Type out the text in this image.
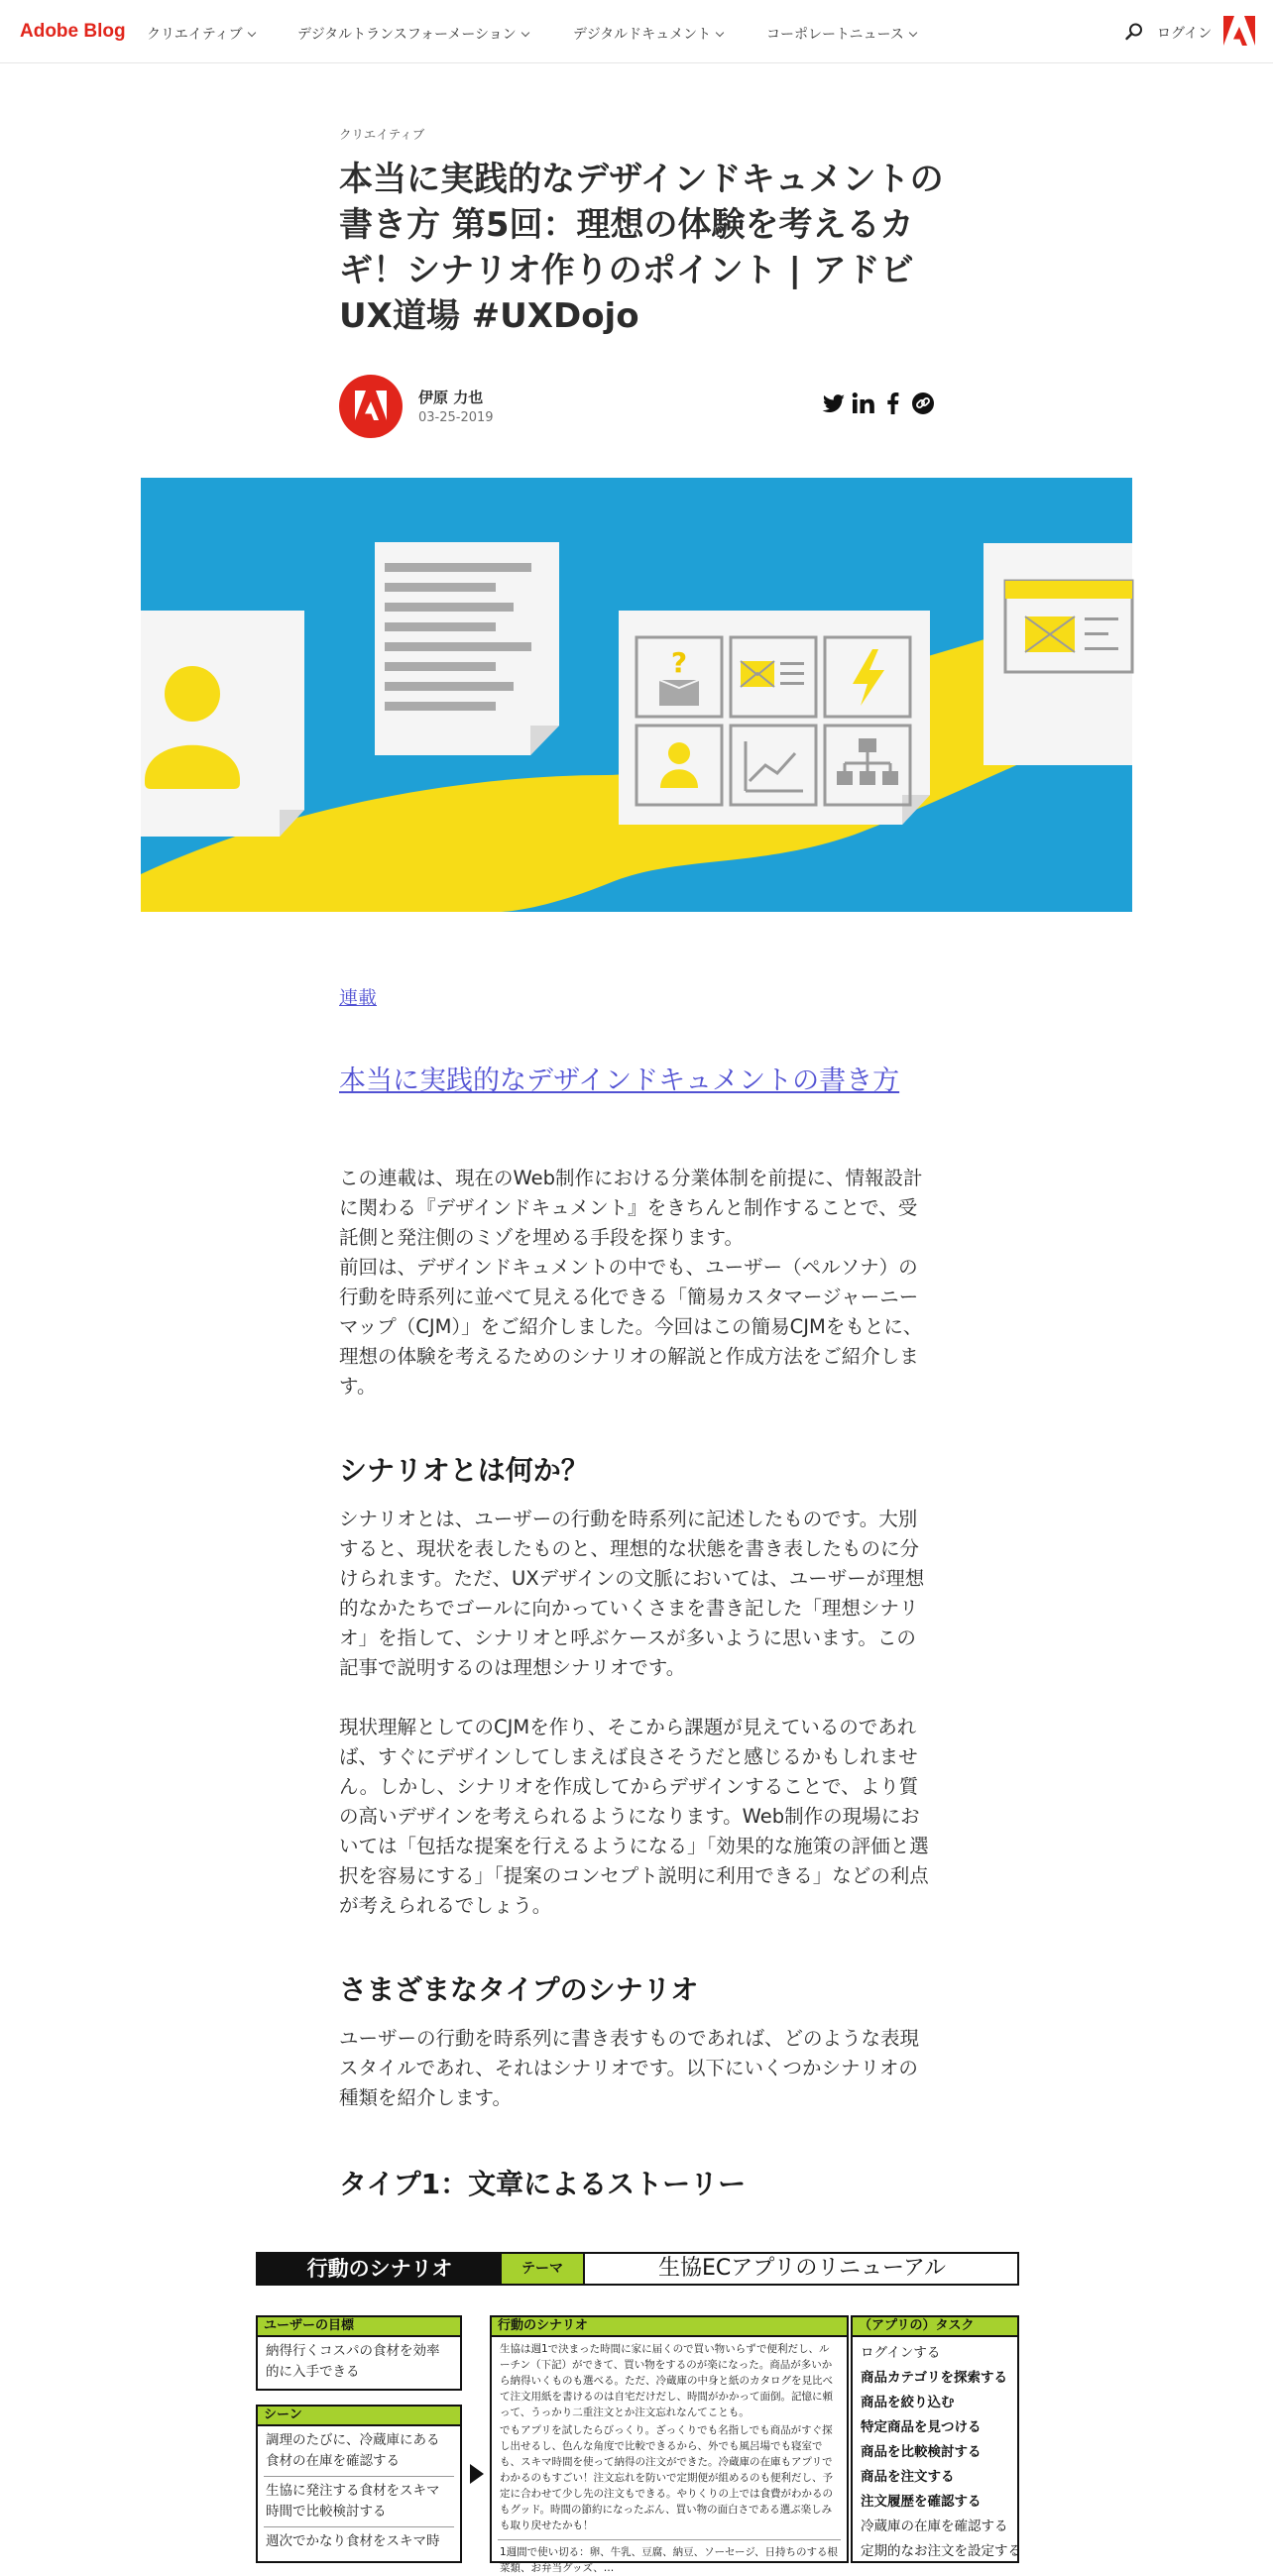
Adobe Blog クリエイティブ	デジタルトランスフォーメーション	デジタルドキュメント	コーポレートニュース	ログイン
クリエイティブ
本当に実践的なデザインドキュメントの書き方 第5回：理想の体験を考えるカギ！シナリオ作りのポイント | アドビUX道場 #UXDojo
伊原 力也
03-25-2019
?
連載
本当に実践的なデザインドキュメントの書き方

この連載は、現在のWeb制作における分業体制を前提に、情報設計に関わる『デザインドキュメント』をきちんと制作することで、受託側と発注側のミゾを埋める手段を探ります。

前回は、デザインドキュメントの中でも、ユーザー（ペルソナ）の行動を時系列に並べて見える化できる「簡易カスタマージャーニーマップ（CJM）」をご紹介しました。今回はこの簡易CJMをもとに、理想の体験を考えるためのシナリオの解説と作成方法をご紹介します。

シナリオとは何か？

シナリオとは、ユーザーの行動を時系列に記述したものです。大別すると、現状を表したものと、理想的な状態を書き表したものに分けられます。ただ、UXデザインの文脈においては、ユーザーが理想的なかたちでゴールに向かっていくさまを書き記した「理想シナリオ」を指して、シナリオと呼ぶケースが多いように思います。この記事で説明するのは理想シナリオです。

現状理解としてのCJMを作り、そこから課題が見えているのであれば、すぐにデザインしてしまえば良さそうだと感じるかもしれません。しかし、シナリオを作成してからデザインすることで、より質の高いデザインを考えられるようになります。Web制作の現場においては「包括な提案を行えるようになる」「効果的な施策の評価と選択を容易にする」「提案のコンセプト説明に利用できる」などの利点が考えられるでしょう。

さまざまなタイプのシナリオ

ユーザーの行動を時系列に書き表すものであれば、どのような表現スタイルであれ、それはシナリオです。以下にいくつかシナリオの種類を紹介します。

タイプ1：文章によるストーリー
行動のシナリオ	テーマ	生協ECアプリのリニューアル
ユーザーの目標
納得行くコスパの食材を効率的に入手できる
シーン
調理のたびに、冷蔵庫にある食材の在庫を確認する
生協に発注する食材をスキマ時間で比較検討する
週次でかなり食材をスキマ時
行動のシナリオ
生協は週1で決まった時間に家に届くので買い物いらずで便利だし、ルーチン（下記）ができて、買い物をするのが楽になった。商品が多いから納得いくものも選べる。ただ、冷蔵庫の中身と紙のカタログを見比べて注文用紙を書けるのは自宅だけだし、時間がかかって面倒。記憶に頼って、うっかり二重注文とか注文忘れなんてことも。
でもアプリを試したらびっくり。ざっくりでも名指しでも商品がすぐ探し出せるし、色んな角度で比較できるから、外でも風呂場でも寝室でも、スキマ時間を使って納得の注文ができた。冷蔵庫の在庫もアプリでわかるのもすごい！注文忘れを防いで定期便が組めるのも便利だし、予定に合わせて少し先の注文もできる。やりくりの上では食費がわかるのもグッド。時間の節約になったぶん、買い物の面白さである選ぶ楽しみも取り戻せたかも！
1週間で使い切る：卵、牛乳、豆腐、納豆、ソーセージ、日持ちのする根菜類、お弁当グッズ、…
（アプリの）タスク
ログインする
商品カテゴリを探索する
商品を絞り込む
特定商品を見つける
商品を比較検討する
商品を注文する
注文履歴を確認する
冷蔵庫の在庫を確認する
定期的なお注文を設定する
